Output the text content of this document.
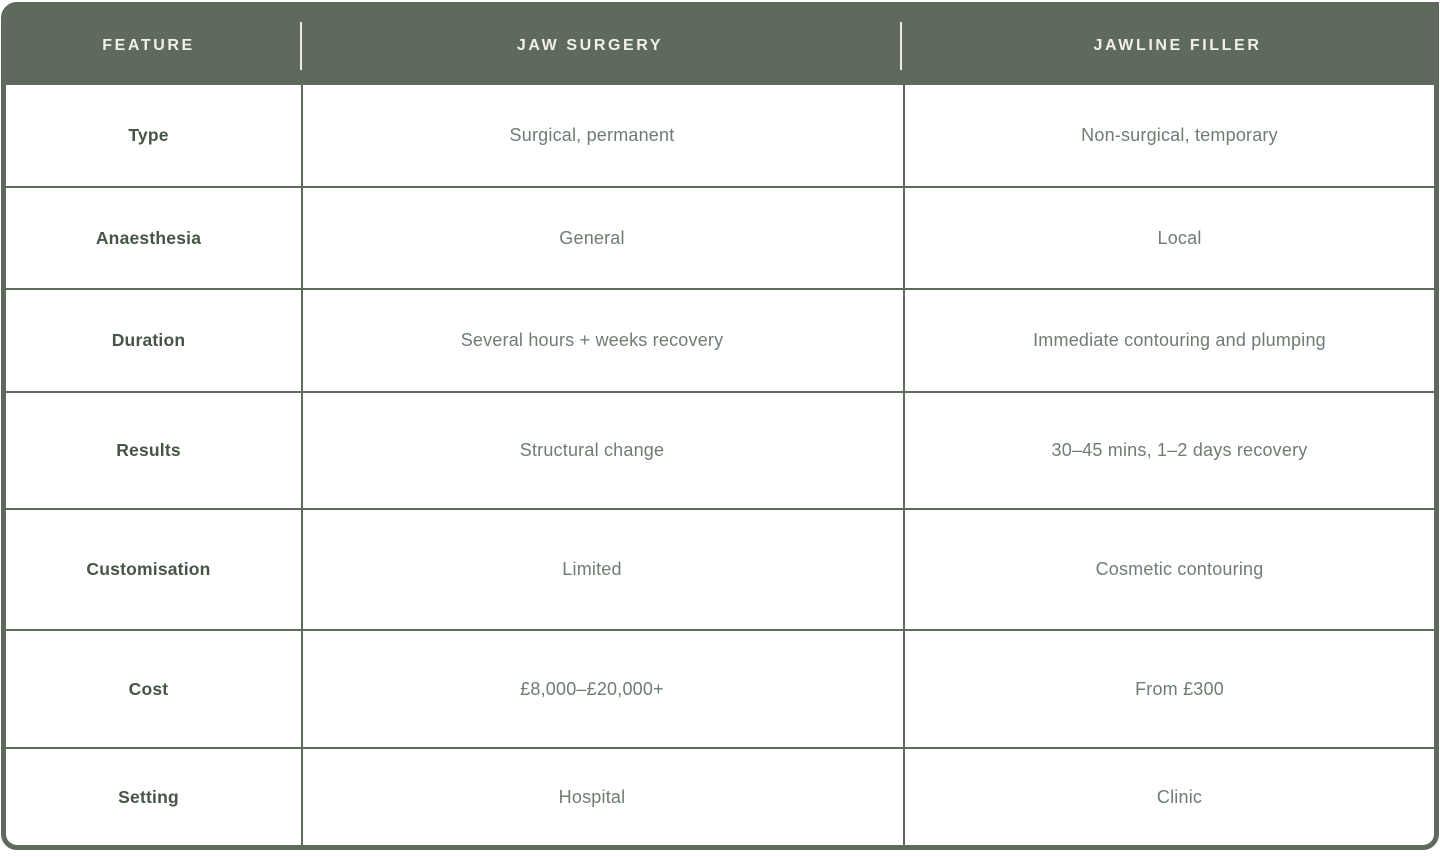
FEATURE	JAW SURGERY	JAWLINE FILLER
Type	Surgical, permanent	Non-surgical, temporary
Anaesthesia	General	Local
Duration	Several hours + weeks recovery	Immediate contouring and plumping
Results	Structural change	30–45 mins, 1–2 days recovery
Customisation	Limited	Cosmetic contouring
Cost	£8,000–£20,000+	From £300
Setting	Hospital	Clinic
